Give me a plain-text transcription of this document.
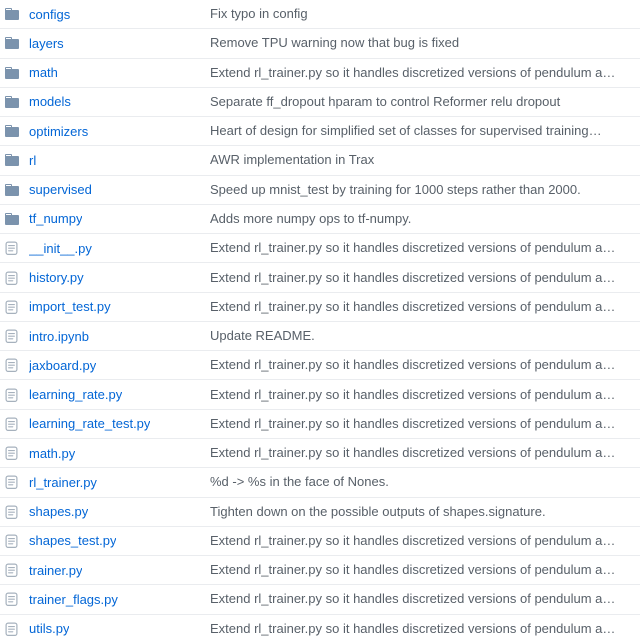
configs	Fix typo in config
layers	Remove TPU warning now that bug is fixed
math	Extend rl_trainer.py so it handles discretized versions of pendulum a…
models	Separate ff_dropout hparam to control Reformer relu dropout
optimizers	Heart of design for simplified set of classes for supervised training…
rl	AWR implementation in Trax
supervised	Speed up mnist_test by training for 1000 steps rather than 2000.
tf_numpy	Adds more numpy ops to tf-numpy.
__init__.py	Extend rl_trainer.py so it handles discretized versions of pendulum a…
history.py	Extend rl_trainer.py so it handles discretized versions of pendulum a…
import_test.py	Extend rl_trainer.py so it handles discretized versions of pendulum a…
intro.ipynb	Update README.
jaxboard.py	Extend rl_trainer.py so it handles discretized versions of pendulum a…
learning_rate.py	Extend rl_trainer.py so it handles discretized versions of pendulum a…
learning_rate_test.py	Extend rl_trainer.py so it handles discretized versions of pendulum a…
math.py	Extend rl_trainer.py so it handles discretized versions of pendulum a…
rl_trainer.py	%d -> %s in the face of Nones.
shapes.py	Tighten down on the possible outputs of shapes.signature.
shapes_test.py	Extend rl_trainer.py so it handles discretized versions of pendulum a…
trainer.py	Extend rl_trainer.py so it handles discretized versions of pendulum a…
trainer_flags.py	Extend rl_trainer.py so it handles discretized versions of pendulum a…
utils.py	Extend rl_trainer.py so it handles discretized versions of pendulum a…
